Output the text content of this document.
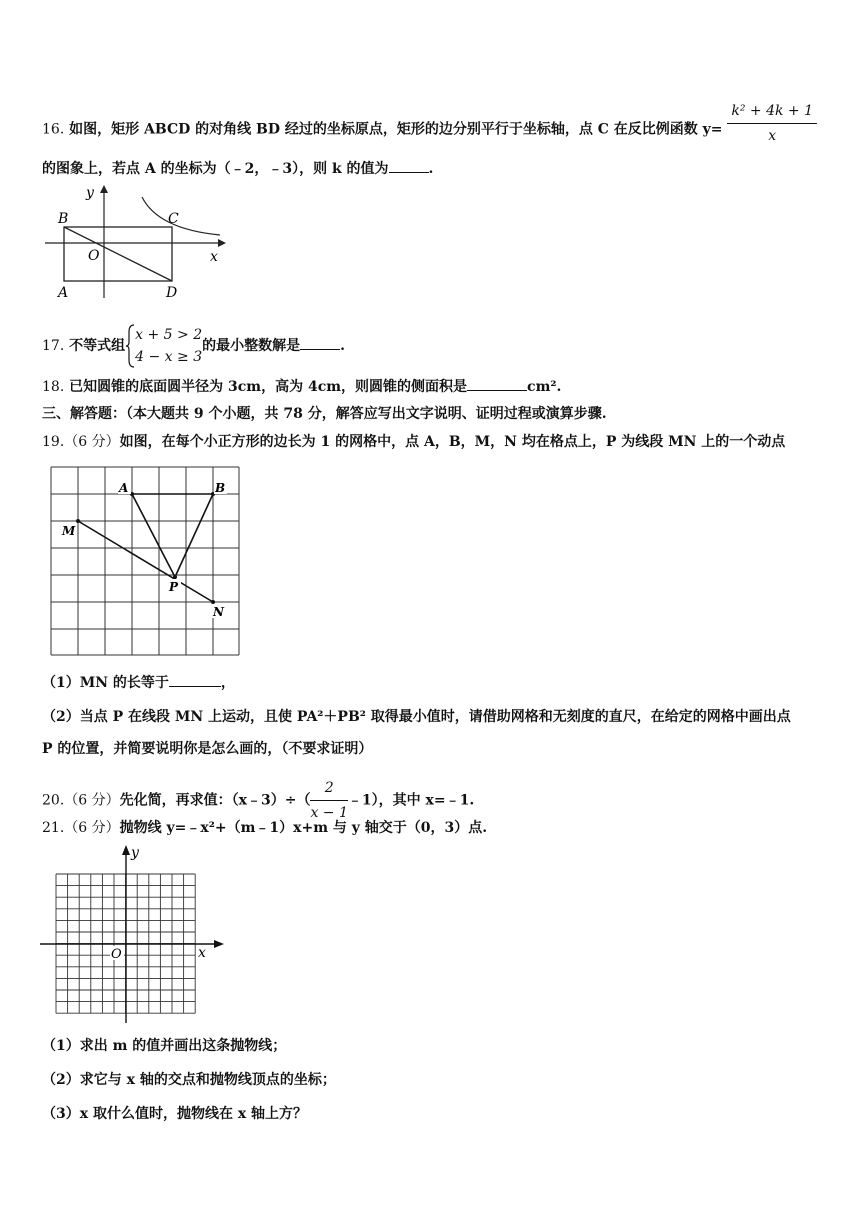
16. 如图，矩形 ABCD 的对角线 BD 经过的坐标原点，矩形的边分别平行于坐标轴，点 C 在反比例函数 $y= \frac{\text{k² + 4k + 1}}{x}$
的图象上，若点 A 的坐标为（﹣2，﹣3），则 k 的值为	.
B	C
O
A	D
x
y
17. 不等式组
x + 5 > 2
4 − x ≥ 3
的最小整数解是	.
18. 已知圆锥的底面圆半径为 3cm，高为 4cm，则圆锥的侧面积是	cm².
三、解答题：（本大题共 9 个小题，共 78 分，解答应写出文字说明、证明过程或演算步骤.
19.（6 分）如图，在每个小正方形的边长为 1 的网格中，点 A，B，M，N 均在格点上，P 为线段 MN 上的一个动点
A	B
M
P
N
（1）MN 的长等于	，
（2）当点 P 在线段 MN 上运动，且使 PA²＋PB² 取得最小值时，请借助网格和无刻度的直尺，在给定的网格中画出点
P 的位置，并简要说明你是怎么画的，（不要求证明）
20.（6 分）先化简，再求值：（x﹣3）÷（ $\frac{2}{x - 1}$ ﹣1），其中 x=﹣1.
21.（6 分）抛物线 y=﹣x²+（m﹣1）x+m 与 y 轴交于（0，3）点.
O	x
y
（1）求出 m 的值并画出这条抛物线；
（2）求它与 x 轴的交点和抛物线顶点的坐标；
（3）x 取什么值时，抛物线在 x 轴上方？
